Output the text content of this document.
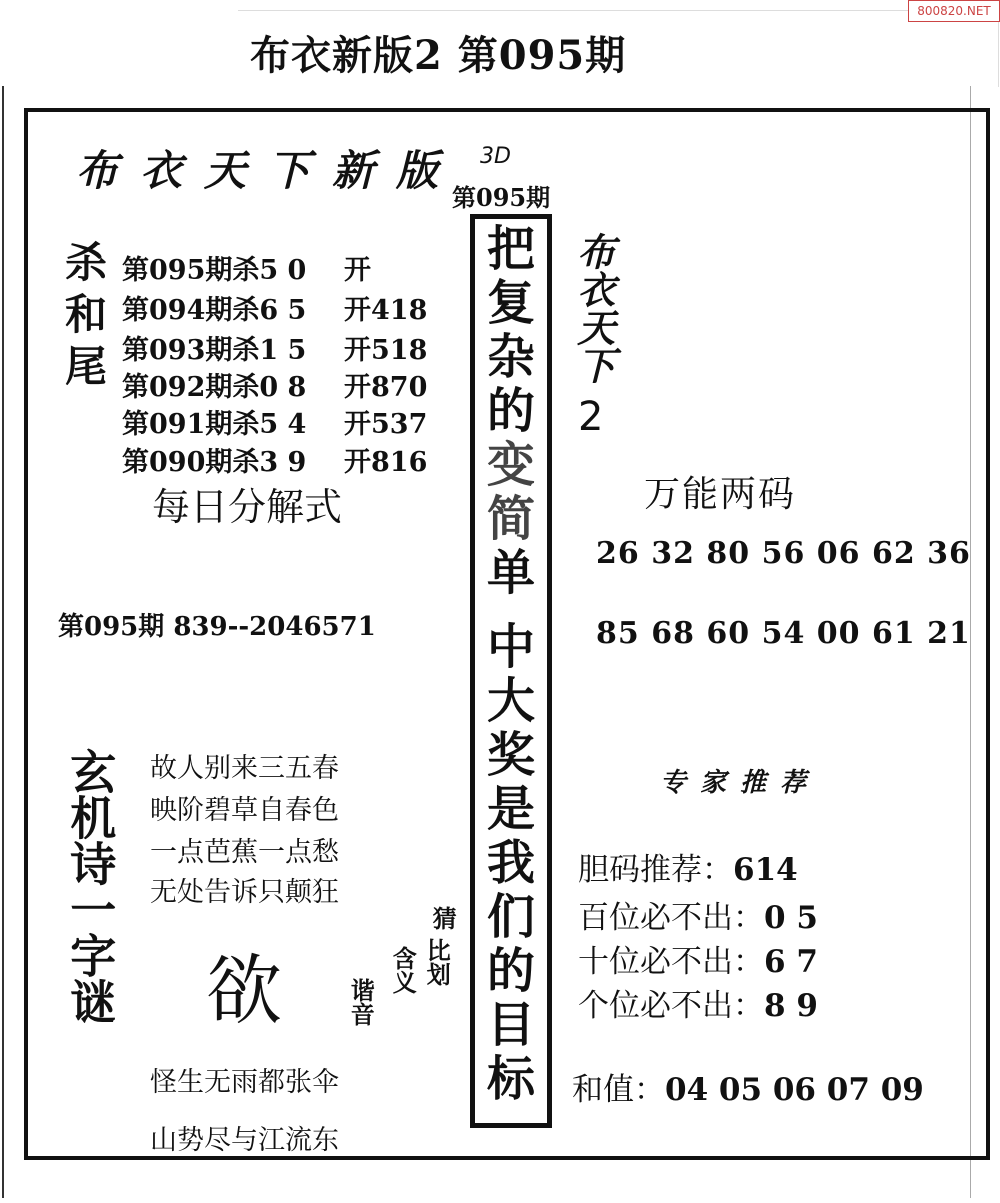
布衣新版2 第095期
800820.NET
布衣天下新版 3D
第095期
杀和尾 第095期杀5 0 开
第094期杀6 5 开418
第093期杀1 5 开518
第092期杀0 8 开870
第091期杀5 4 开537
第090期杀3 9 开816
每日分解式
第095期 839--2046571
玄机诗一字谜 故人别来三五春
映阶碧草自春色
一点芭蕉一点愁
无处告诉只颠狂
欲
猜
比划
含义
谐音
怪生无雨都张伞
山势尽与江流东
把
复
杂
的
变
简
单
中
大
奖
是
我
们
的
目
标
布衣天下
2
万能两码
26 32 80 56 06 62 36
85 68 60 54 00 61 21
专家推荐
胆码推荐：614
百位必不出：0 5
十位必不出：6 7
个位必不出：8 9
和值：04 05 06 07 09
